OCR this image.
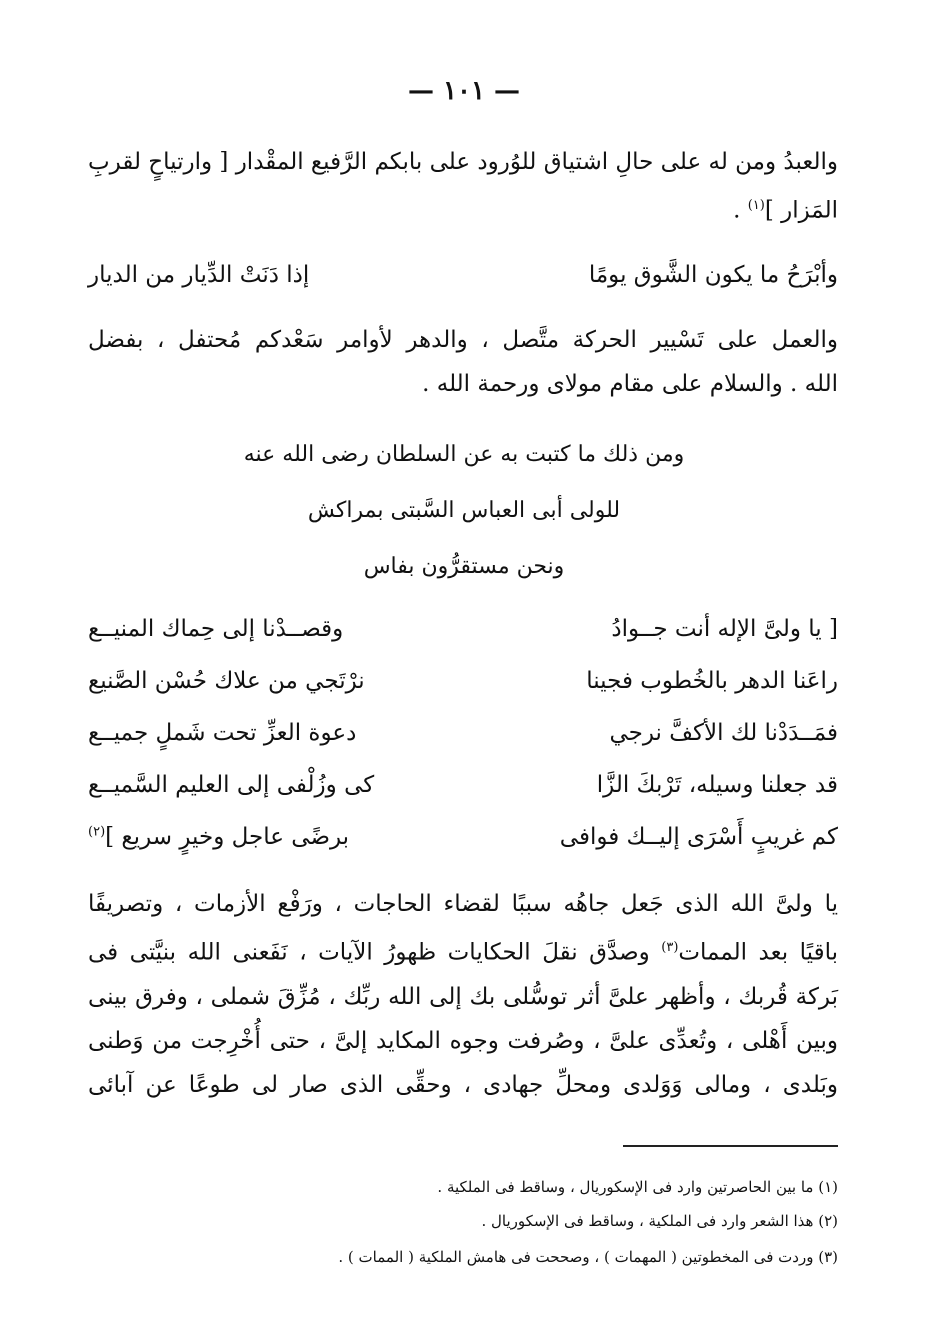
— ١٠١ —
والعبدُ ومن له على حالِ اشتياق للوُرود على بابكم الرَّفيع المقْدار [ وارتياحٍ لقربِ
المَزار ]$^{(١)}$ .
وأبْرَحُ ما يكون الشَّوق يومًا
إذا دَنَتْ الدِّيار من الديار
والعمل على تَسْيير الحركة متَّصل ، والدهر لأوامر سَعْدكم مُحتفل ، بفضل
الله . والسلام على مقام مولاى ورحمة الله .
ومن ذلك ما كتبت به عن السلطان رضى الله عنه
للولى أبى العباس السَّبتى بمراكش
ونحن مستقرُّون بفاس
[ يا ولىَّ الإله أنت جــوادُ
وقصــدْنا إلى حِماك المنيــع
راعَنا الدهر بالخُطوب فجينا
نرْتَجي من علاك حُسْن الصَّنيع
فمَــدَدْنا لك الأكفَّ نرجي
دعوة العزِّ تحت شَملٍ جميــع
قد جعلنا وسيله، تَرْبكَ الزَّا
كى وزُلْفى إلى العليم السَّميــع
كم غريبٍ أَسْرَى إليــك فوافى
برضًى عاجل وخيرٍ سريع ]$^{(٢)}$
يا ولىَّ الله الذى جَعل جاهُه سببًا لقضاء الحاجات ، ورَفْع الأزمات ، وتصريفًا
باقيًا بعد الممات$^{(٣)}$ وصدَّق نقلَ الحكايات ظهورُ الآيات ، نَفَعنى الله بنيَّتى فى
بَركة قُربك ، وأظهر علىَّ أثر توسُّلى بك إلى الله ربِّك ، مُزِّقَ شملى ، وفرق بينى
وبين أَهْلى ، وتُعدِّى علىَّ ، وصُرفت وجوه المكايد إلىَّ ، حتى أُخْرِجت من وَطنى
وبَلدى ، ومالى وَوَلدى ومحلِّ جهادى ، وحقِّى الذى صار لى طوعًا عن آبائى
(١) ما بين الحاصرتين وارد فى الإسكوريال ، وساقط فى الملكية .
(٢) هذا الشعر وارد فى الملكية ، وساقط فى الإسكوريال .
(٣) وردت فى المخطوتين ( المهمات ) ، وصححت فى هامش الملكية ( الممات ) .
